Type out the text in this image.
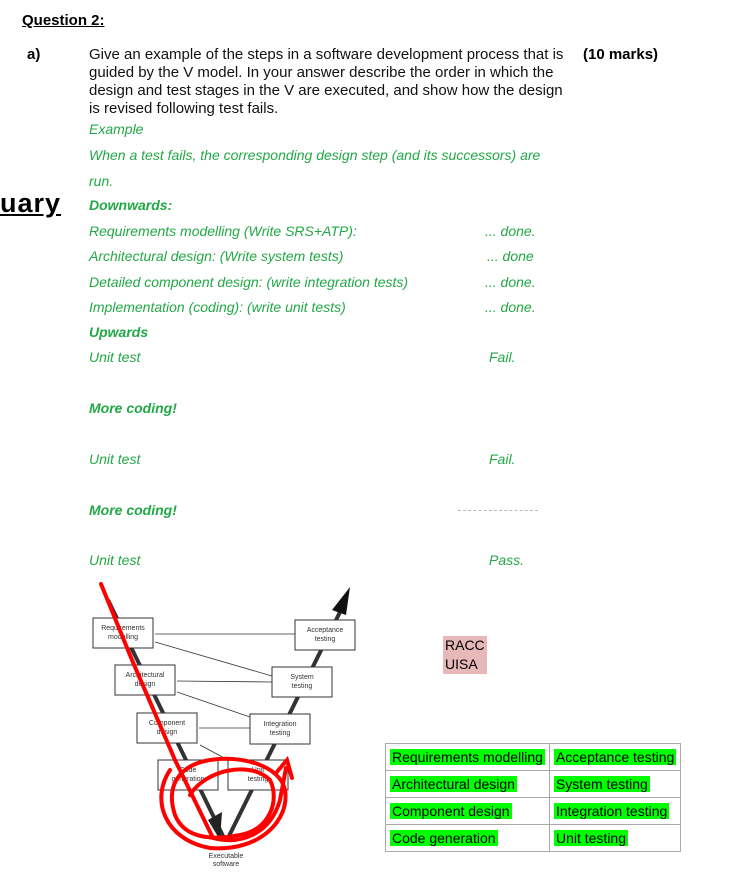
Question 2:
a)	(10 marks)
Give an example of the steps in a software development process that is guided by the V model. In your answer describe the order in which the design and test stages in the V are executed, and show how the design is revised following test fails.
uary
Example
When a test fails, the corresponding design step (and its successors) are
run.
Downwards:
Requirements modelling (Write SRS+ATP):	... done.
Architectural design: (Write system tests)	... done
Detailed component design: (write integration tests)	... done.
Implementation (coding): (write unit tests)	... done.
Upwards
Unit test	Fail.
More coding!
Unit test	Fail.
More coding!
Unit test	Pass.
Requirements
modelling
Acceptance
testing
Architectural
design
System
testing
Component
design
Integration
testing
Code
generation
Unit
testing
Executable
software
RACC
UISA
Requirements modelling	Acceptance testing
Architectural design	System testing
Component design	Integration testing
Code generation	Unit testing
